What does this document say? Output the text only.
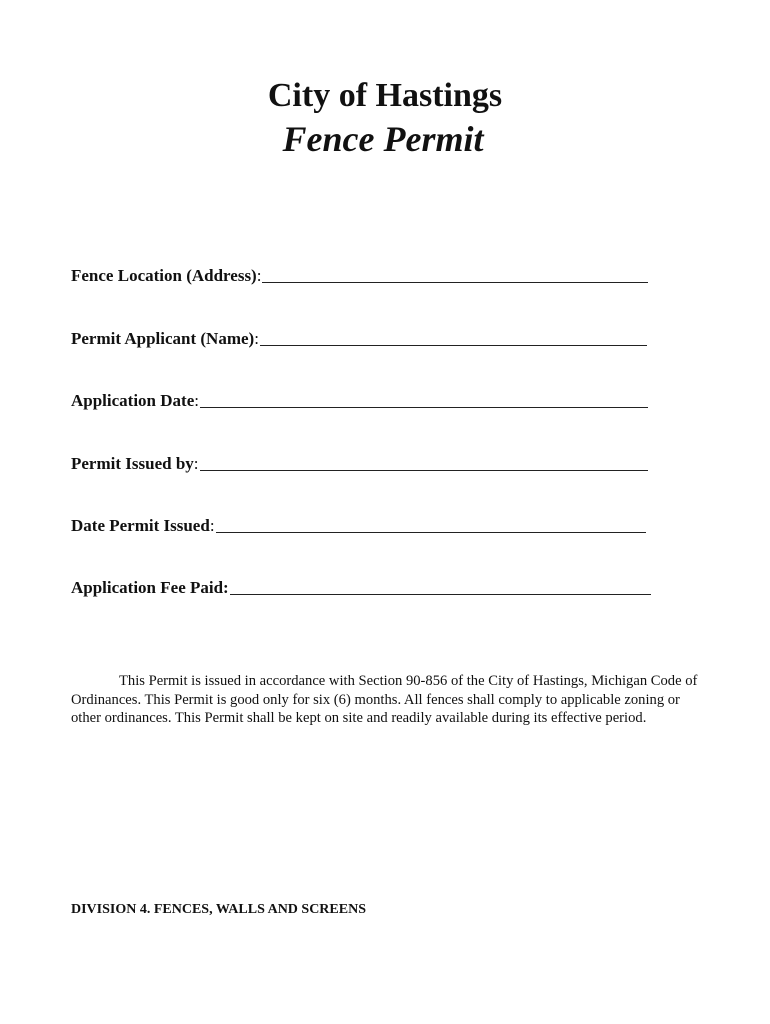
City of Hastings
Fence Permit
Fence Location (Address) :
Permit Applicant (Name) :
Application Date :
Permit Issued by :
Date Permit Issued :
Application Fee Paid:

This Permit is issued in accordance with Section 90-856 of the City of Hastings, Michigan Code of Ordinances. This Permit is good only for six (6) months. All fences shall comply to applicable zoning or other ordinances. This Permit shall be kept on site and readily available during its effective period.

DIVISION 4. FENCES, WALLS AND SCREENS
